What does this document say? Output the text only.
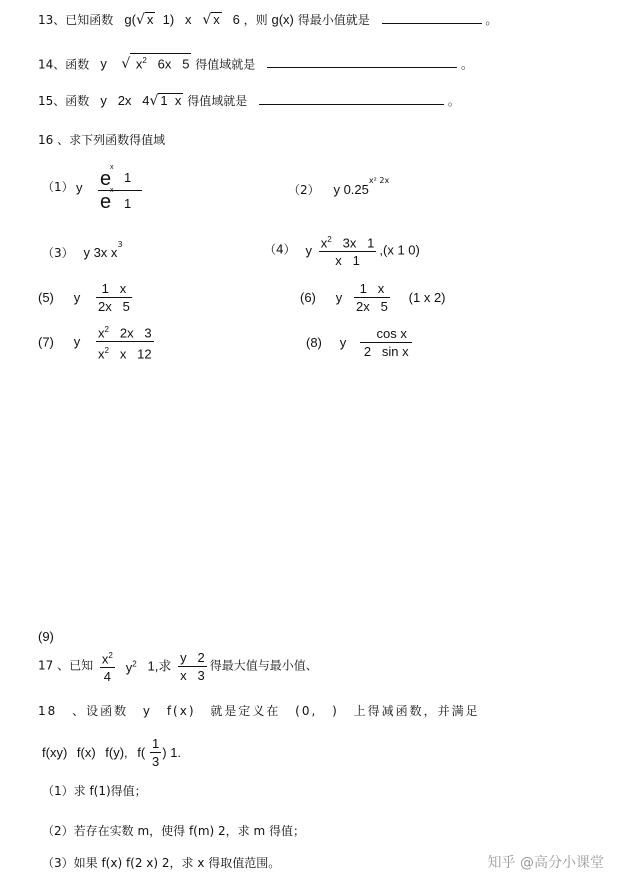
13、已知函数   g(√ x  1)   x   √ x   6 ，则 g(x) 得最小值就是	。
14、函数   y    √ $x^2$   6x   5 得值域就是	。
15、函数   y   2x   4√ 1  x 得值域就是	。
16 、求下列函数得值域
（1） y e
x
1
e
x
1
（2） y $0.25^{x^2 2x}$
（3） y 3x $x^3$	（4） y $\frac{x^2 3x 1}{x 1} ,(x$ 1 0)
(5) y $\frac{1 x}{2x 5}$	(6) y $\frac{1 x}{2x 5} (1$ x 2)
(7) y $\frac{x^2 2x 3}{x^2 x 12}$	(8) y $\frac{\text{cos x}}{\text{2   sin x}}$
(9)
17 、已知 $\frac{x^2}{4} y^2$ 1,求 $\frac{y 2}{x 3}$ 得最大值与最小值、
18 、设函数 y f(x) 就是定义在 (0, ) 上得减函数，并满足
f(xy) f(x) f(y), $f( \frac{1}{3}$ ) 1.
（1）求 f(1)得值；
（2）若存在实数 m，使得 f(m) 2，求 m 得值；
（3）如果 f(x) f(2 x) 2，求 x 得取值范围。	知乎 @高分小课堂
